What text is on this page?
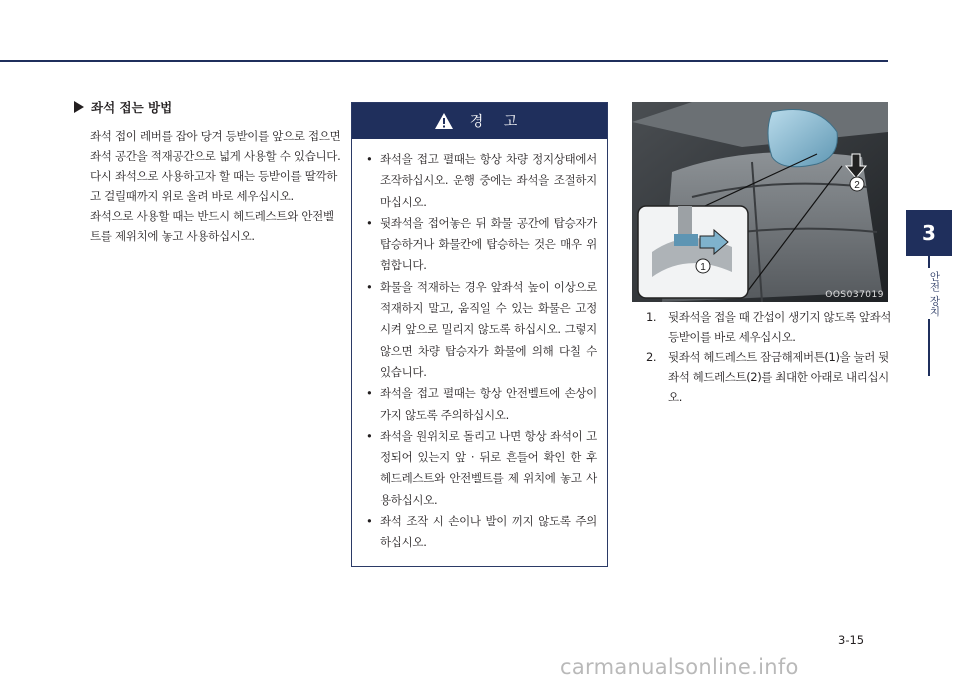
좌석 접는 방법

좌석 접이 레버를 잡아 당겨 등받이를 앞으로 접으면 좌석 공간을 적재공간으로 넓게 사용할 수 있습니다.

다시 좌석으로 사용하고자 할 때는 등받이를 딸깍하고 걸릴때까지 위로 올려 바로 세우십시오.

좌석으로 사용할 때는 반드시 헤드레스트와 안전벨트를 제위치에 놓고 사용하십시오.

경 고
• 좌석을 접고 펼때는 항상 차량 정지상태에서 조작하십시오. 운행 중에는 좌석을 조절하지 마십시오.
• 뒷좌석을 접어놓은 뒤 화물 공간에 탑승자가 탑승하거나 화물칸에 탑승하는 것은 매우 위험합니다.
• 화물을 적재하는 경우 앞좌석 높이 이상으로 적재하지 말고, 움직일 수 있는 화물은 고정시켜 앞으로 밀리지 않도록 하십시오. 그렇지 않으면 차량 탑승자가 화물에 의해 다칠 수 있습니다.
• 좌석을 접고 펼때는 항상 안전벨트에 손상이 가지 않도록 주의하십시오.
• 좌석을 원위치로 돌리고 나면 항상 좌석이 고정되어 있는지 앞 · 뒤로 흔들어 확인 한 후 헤드레스트와 안전벨트를 제 위치에 놓고 사용하십시오.
• 좌석 조작 시 손이나 발이 끼지 않도록 주의하십시오.
1
2
OOS037019
1. 뒷좌석을 접을 때 간섭이 생기지 않도록 앞좌석 등받이를 바로 세우십시오.
2. 뒷좌석 헤드레스트 잠금해제버튼(1)을 눌러 뒷좌석 헤드레스트(2)를 최대한 아래로 내리십시오.
3
안전 장치
3-15
carmanualsonline.info
